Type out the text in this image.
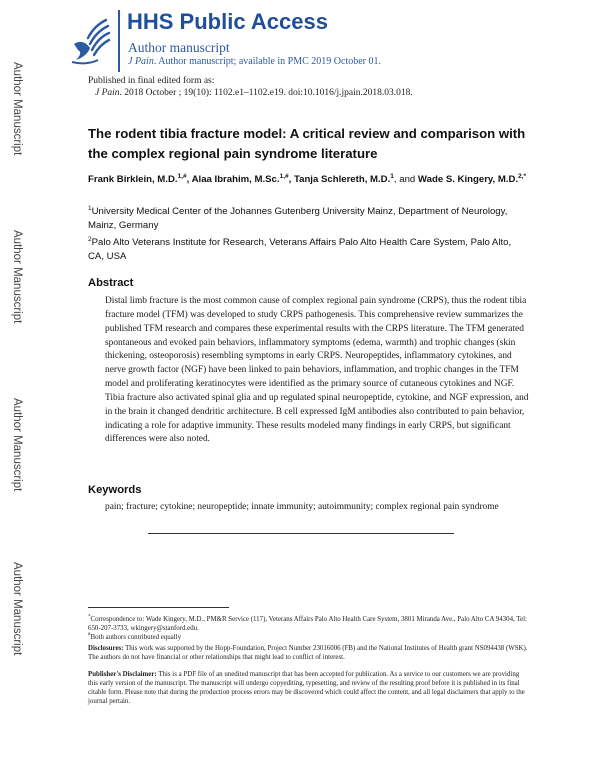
Author Manuscript
Author Manuscript
Author Manuscript
Author Manuscript
HHS Public Access
Author manuscript
J Pain. Author manuscript; available in PMC 2019 October 01.
Published in final edited form as:
J Pain. 2018 October ; 19(10): 1102.e1–1102.e19. doi:10.1016/j.jpain.2018.03.018.
The rodent tibia fracture model: A critical review and comparison with the complex regional pain syndrome literature
Frank Birklein, M.D.$^{1,\#}$, Alaa Ibrahim, M.Sc.$^{1,\#}$, Tanja Schlereth, M.D.$^1$, and Wade S. Kingery, M.D.$^{2,*}$
$^1$University Medical Center of the Johannes Gutenberg University Mainz, Department of Neurology, Mainz, Germany
$^2$Palo Alto Veterans Institute for Research, Veterans Affairs Palo Alto Health Care System, Palo Alto, CA, USA
Abstract
Distal limb fracture is the most common cause of complex regional pain syndrome (CRPS), thus the rodent tibia fracture model (TFM) was developed to study CRPS pathogenesis. This comprehensive review summarizes the published TFM research and compares these experimental results with the CRPS literature. The TFM generated spontaneous and evoked pain behaviors, inflammatory symptoms (edema, warmth) and trophic changes (skin thickening, osteoporosis) resembling symptoms in early CRPS. Neuropeptides, inflammatory cytokines, and nerve growth factor (NGF) have been linked to pain behaviors, inflammation, and trophic changes in the TFM model and proliferating keratinocytes were identified as the primary source of cutaneous cytokines and NGF. Tibia fracture also activated spinal glia and up regulated spinal neuropeptide, cytokine, and NGF expression, and in the brain it changed dendritic architecture. B cell expressed IgM antibodies also contributed to pain behavior, indicating a role for adaptive immunity. These results modeled many findings in early CRPS, but significant differences were also noted.
Keywords
pain; fracture; cytokine; neuropeptide; innate immunity; autoimmunity; complex regional pain syndrome
*Correspondence to: Wade Kingery, M.D., PM&R Service (117), Veterans Affairs Palo Alto Health Care System, 3801 Miranda Ave., Palo Alto CA 94304, Tel: 650-207-3733, wkingery@stanford.edu.
#Both authors contributed equally
Disclosures: This work was supported by the Hopp-Foundation, Project Number 23016006 (FB) and the National Institutes of Health grant NS094438 (WSK). The authors do not have financial or other relationships that might lead to conflict of interest.
Publisher's Disclaimer: This is a PDF file of an unedited manuscript that has been accepted for publication. As a service to our customers we are providing this early version of the manuscript. The manuscript will undergo copyediting, typesetting, and review of the resulting proof before it is published in its final citable form. Please note that during the production process errors may be discovered which could affect the content, and all legal disclaimers that apply to the journal pertain.
